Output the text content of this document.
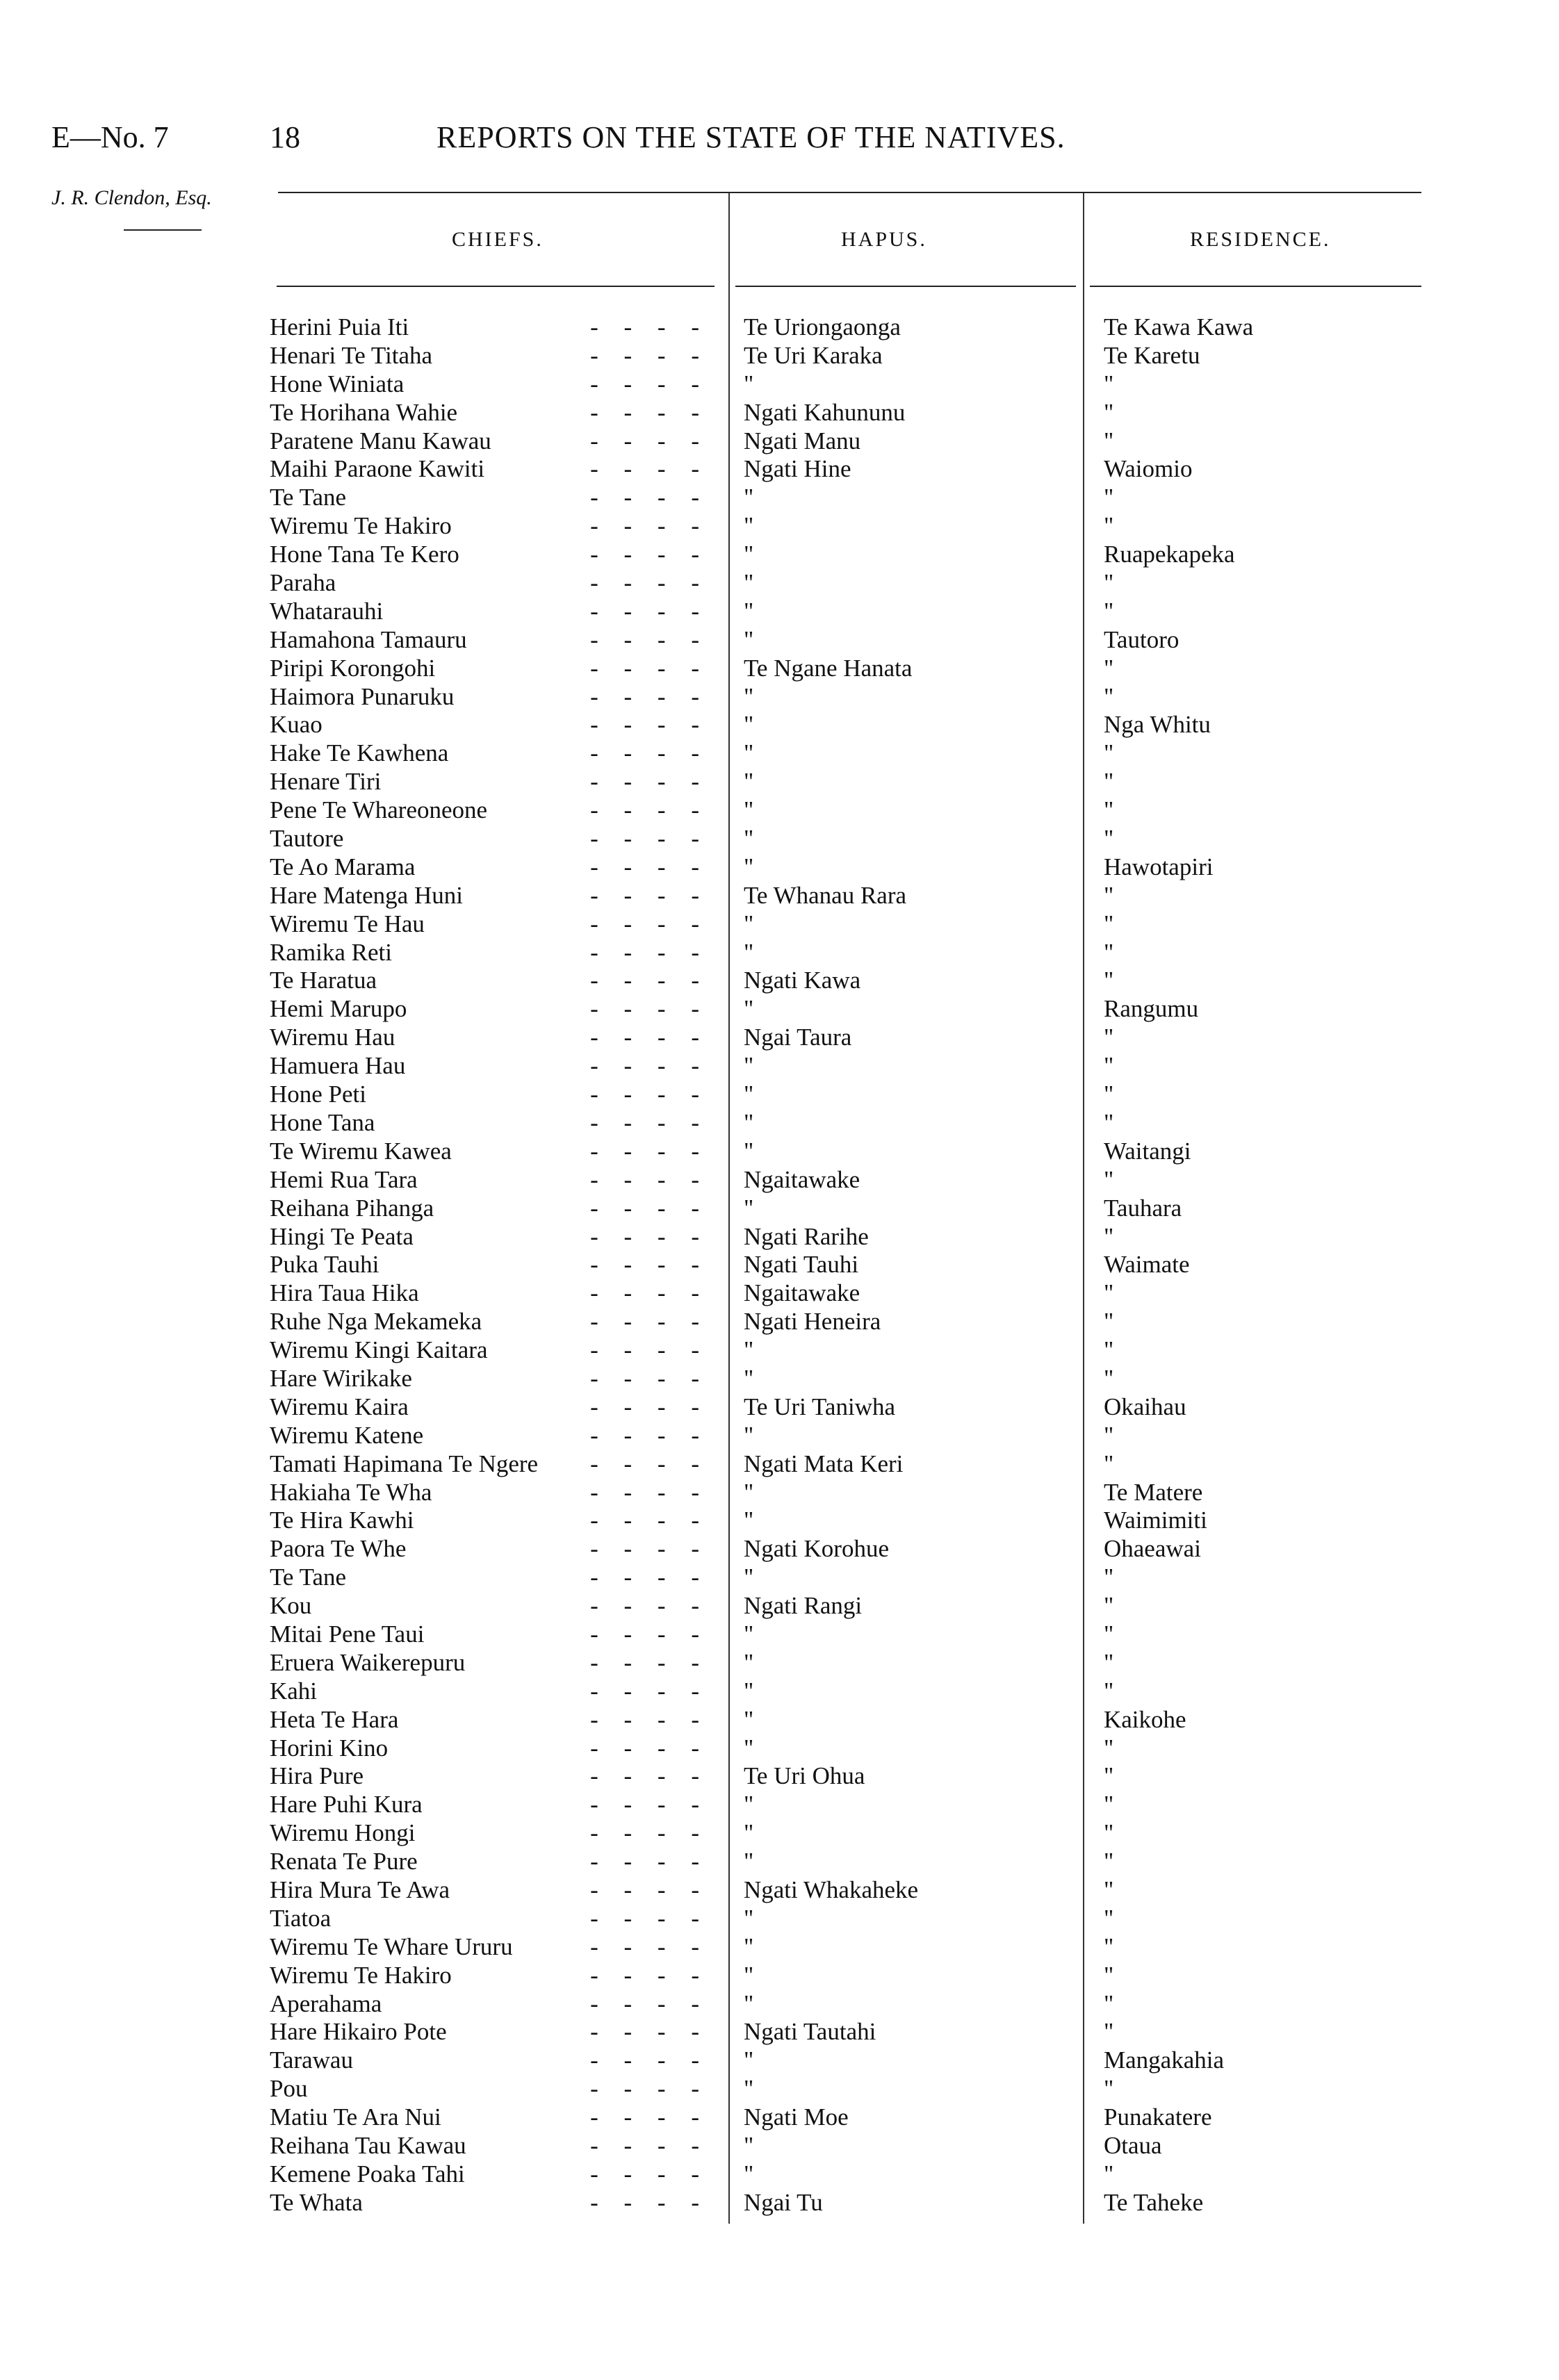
E—No. 7	18	REPORTS ON THE STATE OF THE NATIVES.
J. R. Clendon, Esq.
CHIEFS.	HAPUS.	RESIDENCE.
Herini Puia Iti	- - - - Te Uriongaonga	Te Kawa Kawa
Henari Te Titaha	- - - - Te Uri Karaka	Te Karetu
Hone Winiata	- - - - "	"
Te Horihana Wahie	- - - - Ngati Kahununu	"
Paratene Manu Kawau	- - - - Ngati Manu	"
Maihi Paraone Kawiti	- - - - Ngati Hine	Waiomio
Te Tane	- - - - "	"
Wiremu Te Hakiro	- - - - "	"
Hone Tana Te Kero	- - - - "	Ruapekapeka
Paraha	- - - - "	"
Whatarauhi	- - - - "	"
Hamahona Tamauru	- - - - "	Tautoro
Piripi Korongohi	- - - - Te Ngane Hanata	"
Haimora Punaruku	- - - - "	"
Kuao	- - - - "	Nga Whitu
Hake Te Kawhena	- - - - "	"
Henare Tiri	- - - - "	"
Pene Te Whareoneone	- - - - "	"
Tautore	- - - - "	"
Te Ao Marama	- - - - "	Hawotapiri
Hare Matenga Huni	- - - - Te Whanau Rara	"
Wiremu Te Hau	- - - - "	"
Ramika Reti	- - - - "	"
Te Haratua	- - - - Ngati Kawa	"
Hemi Marupo	- - - - "	Rangumu
Wiremu Hau	- - - - Ngai Taura	"
Hamuera Hau	- - - - "	"
Hone Peti	- - - - "	"
Hone Tana	- - - - "	"
Te Wiremu Kawea	- - - - "	Waitangi
Hemi Rua Tara	- - - - Ngaitawake	"
Reihana Pihanga	- - - - "	Tauhara
Hingi Te Peata	- - - - Ngati Rarihe	"
Puka Tauhi	- - - - Ngati Tauhi	Waimate
Hira Taua Hika	- - - - Ngaitawake	"
Ruhe Nga Mekameka	- - - - Ngati Heneira	"
Wiremu Kingi Kaitara	- - - - "	"
Hare Wirikake	- - - - "	"
Wiremu Kaira	- - - - Te Uri Taniwha	Okaihau
Wiremu Katene	- - - - "	"
Tamati Hapimana Te Ngere	- - - - Ngati Mata Keri	"
Hakiaha Te Wha	- - - - "	Te Matere
Te Hira Kawhi	- - - - "	Waimimiti
Paora Te Whe	- - - - Ngati Korohue	Ohaeawai
Te Tane	- - - - "	"
Kou	- - - - Ngati Rangi	"
Mitai Pene Taui	- - - - "	"
Eruera Waikerepuru	- - - - "	"
Kahi	- - - - "	"
Heta Te Hara	- - - - "	Kaikohe
Horini Kino	- - - - "	"
Hira Pure	- - - - Te Uri Ohua	"
Hare Puhi Kura	- - - - "	"
Wiremu Hongi	- - - - "	"
Renata Te Pure	- - - - "	"
Hira Mura Te Awa	- - - - Ngati Whakaheke	"
Tiatoa	- - - - "	"
Wiremu Te Whare Ururu	- - - - "	"
Wiremu Te Hakiro	- - - - "	"
Aperahama	- - - - "	"
Hare Hikairo Pote	- - - - Ngati Tautahi	"
Tarawau	- - - - "	Mangakahia
Pou	- - - - "	"
Matiu Te Ara Nui	- - - - Ngati Moe	Punakatere
Reihana Tau Kawau	- - - - "	Otaua
Kemene Poaka Tahi	- - - - "	"
Te Whata	- - - - Ngai Tu	Te Taheke
